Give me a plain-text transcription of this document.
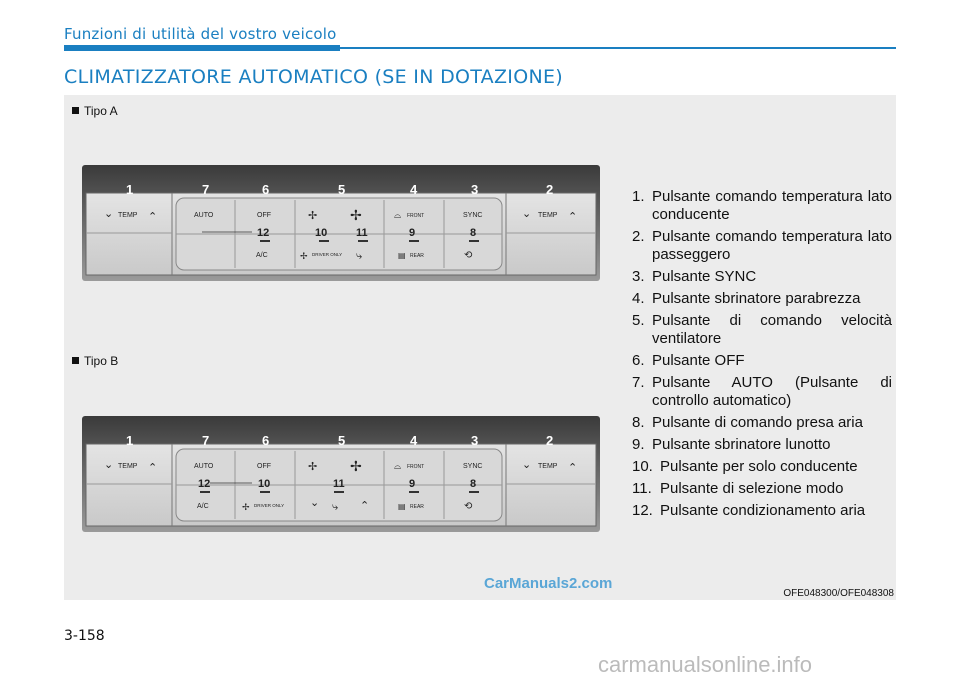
Funzioni di utilità del vostro veicolo
CLIMATIZZATORE AUTOMATICO (SE IN DOTAZIONE)
Tipo A
⌄ TEMP ⌃	⌄ TEMP ⌃
AUTO	OFF	✢ ✢	⌓ FRONT	SYNC
A/C	✢ DRIVER ONLY ⤷	▤ REAR	⟲
1	7	6	5	4	3	2
12	10	11	9	8
Tipo B
⌄ TEMP ⌃	⌄ TEMP ⌃
AUTO	OFF	✢ ✢	⌓ FRONT	SYNC
A/C	✢ DRIVER ONLY ⌄ ⤷ ⌃	▤ REAR	⟲
1	7	6	5	4	3	2
12	10	11	9	8
1. Pulsante comando temperatura lato conducente
2. Pulsante comando temperatura lato passeggero
3. Pulsante SYNC
4. Pulsante sbrinatore parabrezza
5. Pulsante di comando velocità ventilatore
6. Pulsante OFF
7. Pulsante AUTO (Pulsante di controllo automatico)
8. Pulsante di comando presa aria
9. Pulsante sbrinatore lunotto
10. Pulsante per solo conducente
11. Pulsante di selezione modo
12. Pulsante condizionamento aria
CarManuals2.com
OFE048300/OFE048308
3-158
carmanualsonline.info
